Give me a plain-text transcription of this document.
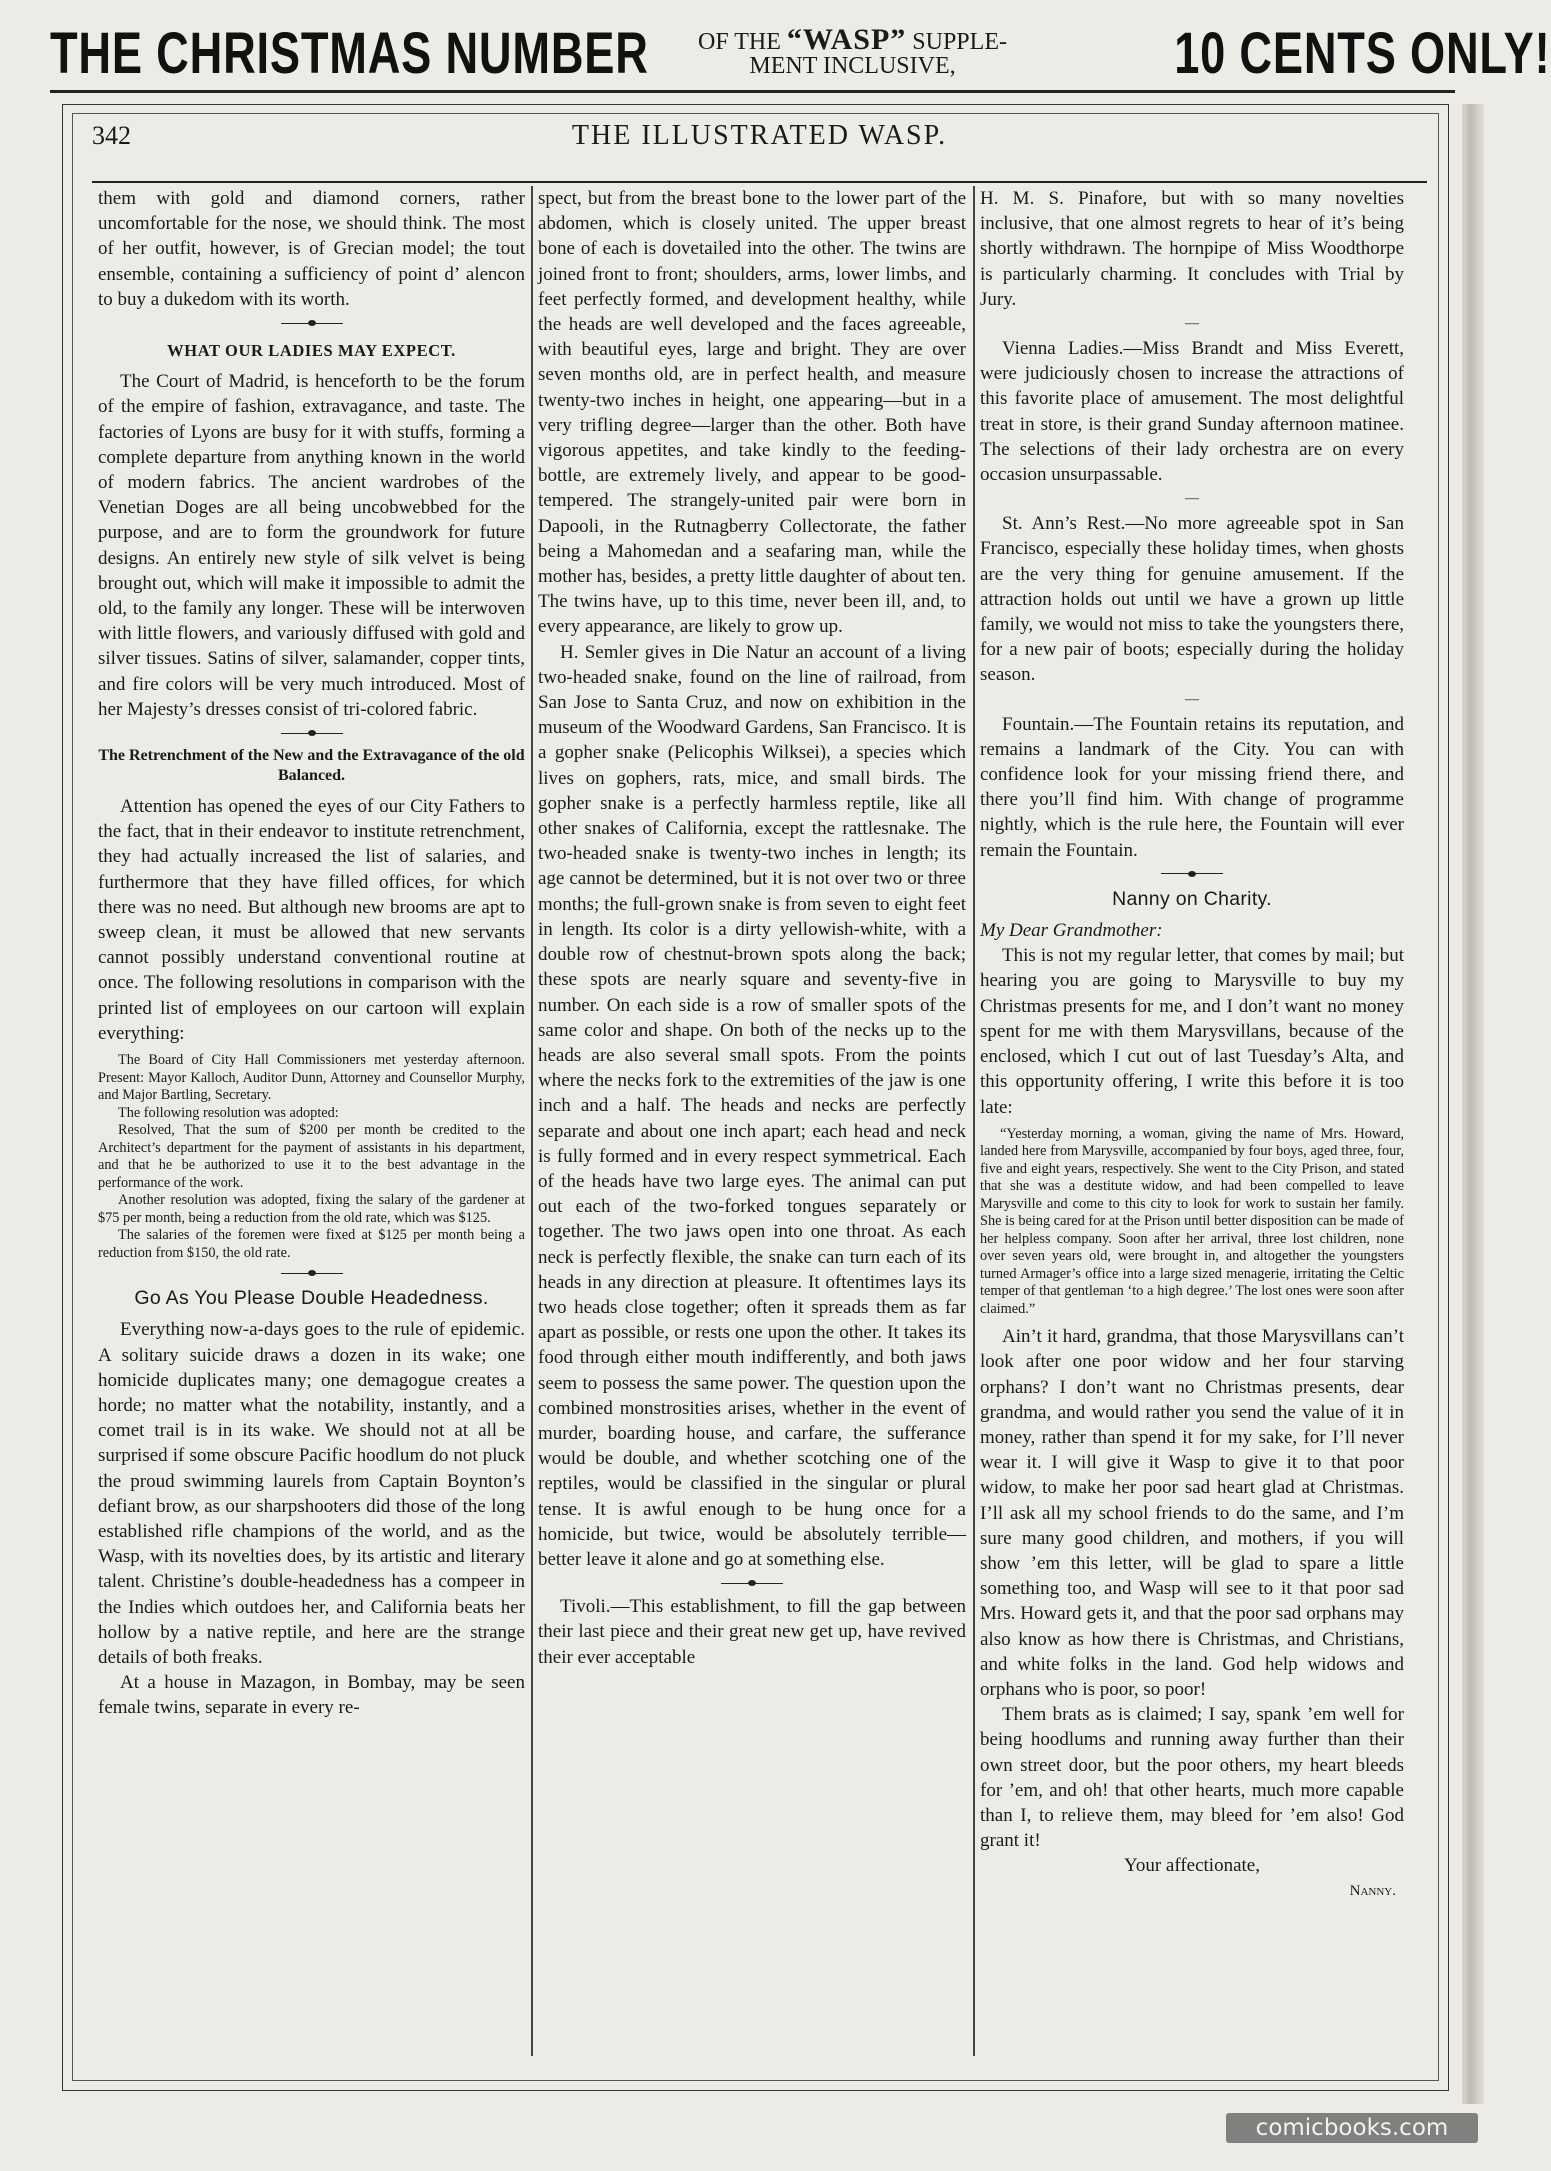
THE CHRISTMAS NUMBER	OF THE “WASP” SUPPLE-
MENT INCLUSIVE,	10 CENTS ONLY!
342	THE ILLUSTRATED WASP.

them with gold and diamond corners, rather uncomfortable for the nose, we should think. The most of her outfit, however, is of Grecian model; the tout ensemble, containing a sufficiency of point d’ alencon to buy a dukedom with its worth.

WHAT OUR LADIES MAY EXPECT.

The Court of Madrid, is henceforth to be the forum of the empire of fashion, extravagance, and taste. The factories of Lyons are busy for it with stuffs, forming a complete departure from anything known in the world of modern fabrics. The ancient wardrobes of the Venetian Doges are all being uncobwebbed for the purpose, and are to form the groundwork for future designs. An entirely new style of silk velvet is being brought out, which will make it impossible to admit the old, to the family any longer. These will be interwoven with little flowers, and variously diffused with gold and silver tissues. Satins of silver, salamander, copper tints, and fire colors will be very much introduced. Most of her Majesty’s dresses consist of tri-colored fabric.

The Retrenchment of the New and the Extravagance of the old Balanced.

Attention has opened the eyes of our City Fathers to the fact, that in their endeavor to institute retrenchment, they had actually increased the list of salaries, and furthermore that they have filled offices, for which there was no need. But although new brooms are apt to sweep clean, it must be allowed that new servants cannot possibly understand conventional routine at once. The following resolutions in comparison with the printed list of employees on our cartoon will explain everything:

The Board of City Hall Commissioners met yesterday afternoon. Present: Mayor Kalloch, Auditor Dunn, Attorney and Counsellor Murphy, and Major Bartling, Secretary.

The following resolution was adopted:

Resolved, That the sum of $200 per month be credited to the Architect’s department for the payment of assistants in his department, and that he be authorized to use it to the best advantage in the performance of the work.

Another resolution was adopted, fixing the salary of the gardener at $75 per month, being a reduction from the old rate, which was $125.

The salaries of the foremen were fixed at $125 per month being a reduction from $150, the old rate.

Go As You Please Double Headedness.

Everything now-a-days goes to the rule of epidemic. A solitary suicide draws a dozen in its wake; one homicide duplicates many; one demagogue creates a horde; no matter what the notability, instantly, and a comet trail is in its wake. We should not at all be surprised if some obscure Pacific hoodlum do not pluck the proud swimming laurels from Captain Boynton’s defiant brow, as our sharpshooters did those of the long established rifle champions of the world, and as the Wasp, with its novelties does, by its artistic and literary talent. Christine’s double-headedness has a compeer in the Indies which outdoes her, and California beats her hollow by a native reptile, and here are the strange details of both freaks.

At a house in Mazagon, in Bombay, may be seen female twins, separate in every re-

spect, but from the breast bone to the lower part of the abdomen, which is closely united. The upper breast bone of each is dovetailed into the other. The twins are joined front to front; shoulders, arms, lower limbs, and feet perfectly formed, and development healthy, while the heads are well developed and the faces agreeable, with beautiful eyes, large and bright. They are over seven months old, are in perfect health, and measure twenty-two inches in height, one appearing—but in a very trifling degree—larger than the other. Both have vigorous appetites, and take kindly to the feeding-bottle, are extremely lively, and appear to be good-tempered. The strangely-united pair were born in Dapooli, in the Rutnagberry Collectorate, the father being a Mahomedan and a seafaring man, while the mother has, besides, a pretty little daughter of about ten. The twins have, up to this time, never been ill, and, to every appearance, are likely to grow up.

H. Semler gives in Die Natur an account of a living two-headed snake, found on the line of railroad, from San Jose to Santa Cruz, and now on exhibition in the museum of the Woodward Gardens, San Francisco. It is a gopher snake (Pelicophis Wilksei), a species which lives on gophers, rats, mice, and small birds. The gopher snake is a perfectly harmless reptile, like all other snakes of California, except the rattlesnake. The two-headed snake is twenty-two inches in length; its age cannot be determined, but it is not over two or three months; the full-grown snake is from seven to eight feet in length. Its color is a dirty yellowish-white, with a double row of chestnut-brown spots along the back; these spots are nearly square and seventy-five in number. On each side is a row of smaller spots of the same color and shape. On both of the necks up to the heads are also several small spots. From the points where the necks fork to the extremities of the jaw is one inch and a half. The heads and necks are perfectly separate and about one inch apart; each head and neck is fully formed and in every respect symmetrical. Each of the heads have two large eyes. The animal can put out each of the two-forked tongues separately or together. The two jaws open into one throat. As each neck is perfectly flexible, the snake can turn each of its heads in any direction at pleasure. It oftentimes lays its two heads close together; often it spreads them as far apart as possible, or rests one upon the other. It takes its food through either mouth indifferently, and both jaws seem to possess the same power. The question upon the combined monstrosities arises, whether in the event of murder, boarding house, and carfare, the sufferance would be double, and whether scotching one of the reptiles, would be classified in the singular or plural tense. It is awful enough to be hung once for a homicide, but twice, would be absolutely terrible—better leave it alone and go at something else.

Tivoli.—This establishment, to fill the gap between their last piece and their great new get up, have revived their ever acceptable

H. M. S. Pinafore, but with so many novelties inclusive, that one almost regrets to hear of it’s being shortly withdrawn. The hornpipe of Miss Woodthorpe is particularly charming. It concludes with Trial by Jury.

—

Vienna Ladies.—Miss Brandt and Miss Everett, were judiciously chosen to increase the attractions of this favorite place of amusement. The most delightful treat in store, is their grand Sunday afternoon matinee. The selections of their lady orchestra are on every occasion unsurpassable.

—

St. Ann’s Rest.—No more agreeable spot in San Francisco, especially these holiday times, when ghosts are the very thing for genuine amusement. If the attraction holds out until we have a grown up little family, we would not miss to take the youngsters there, for a new pair of boots; especially during the holiday season.

—

Fountain.—The Fountain retains its reputation, and remains a landmark of the City. You can with confidence look for your missing friend there, and there you’ll find him. With change of programme nightly, which is the rule here, the Fountain will ever remain the Fountain.

Nanny on Charity.

My Dear Grandmother:

This is not my regular letter, that comes by mail; but hearing you are going to Marysville to buy my Christmas presents for me, and I don’t want no money spent for me with them Marysvillans, because of the enclosed, which I cut out of last Tuesday’s Alta, and this opportunity offering, I write this before it is too late:

“Yesterday morning, a woman, giving the name of Mrs. Howard, landed here from Marysville, accompanied by four boys, aged three, four, five and eight years, respectively. She went to the City Prison, and stated that she was a destitute widow, and had been compelled to leave Marysville and come to this city to look for work to sustain her family. She is being cared for at the Prison until better disposition can be made of her helpless company. Soon after her arrival, three lost children, none over seven years old, were brought in, and altogether the youngsters turned Armager’s office into a large sized menagerie, irritating the Celtic temper of that gentleman ‘to a high degree.’ The lost ones were soon after claimed.”

Ain’t it hard, grandma, that those Marysvillans can’t look after one poor widow and her four starving orphans? I don’t want no Christmas presents, dear grandma, and would rather you send the value of it in money, rather than spend it for my sake, for I’ll never wear it. I will give it Wasp to give it to that poor widow, to make her poor sad heart glad at Christmas. I’ll ask all my school friends to do the same, and I’m sure many good children, and mothers, if you will show ’em this letter, will be glad to spare a little something too, and Wasp will see to it that poor sad Mrs. Howard gets it, and that the poor sad orphans may also know as how there is Christmas, and Christians, and white folks in the land. God help widows and orphans who is poor, so poor!

Them brats as is claimed; I say, spank ’em well for being hoodlums and running away further than their own street door, but the poor others, my heart bleeds for ’em, and oh! that other hearts, much more capable than I, to relieve them, may bleed for ’em also! God grant it!

Your affectionate,

Nanny.

comicbooks.com
